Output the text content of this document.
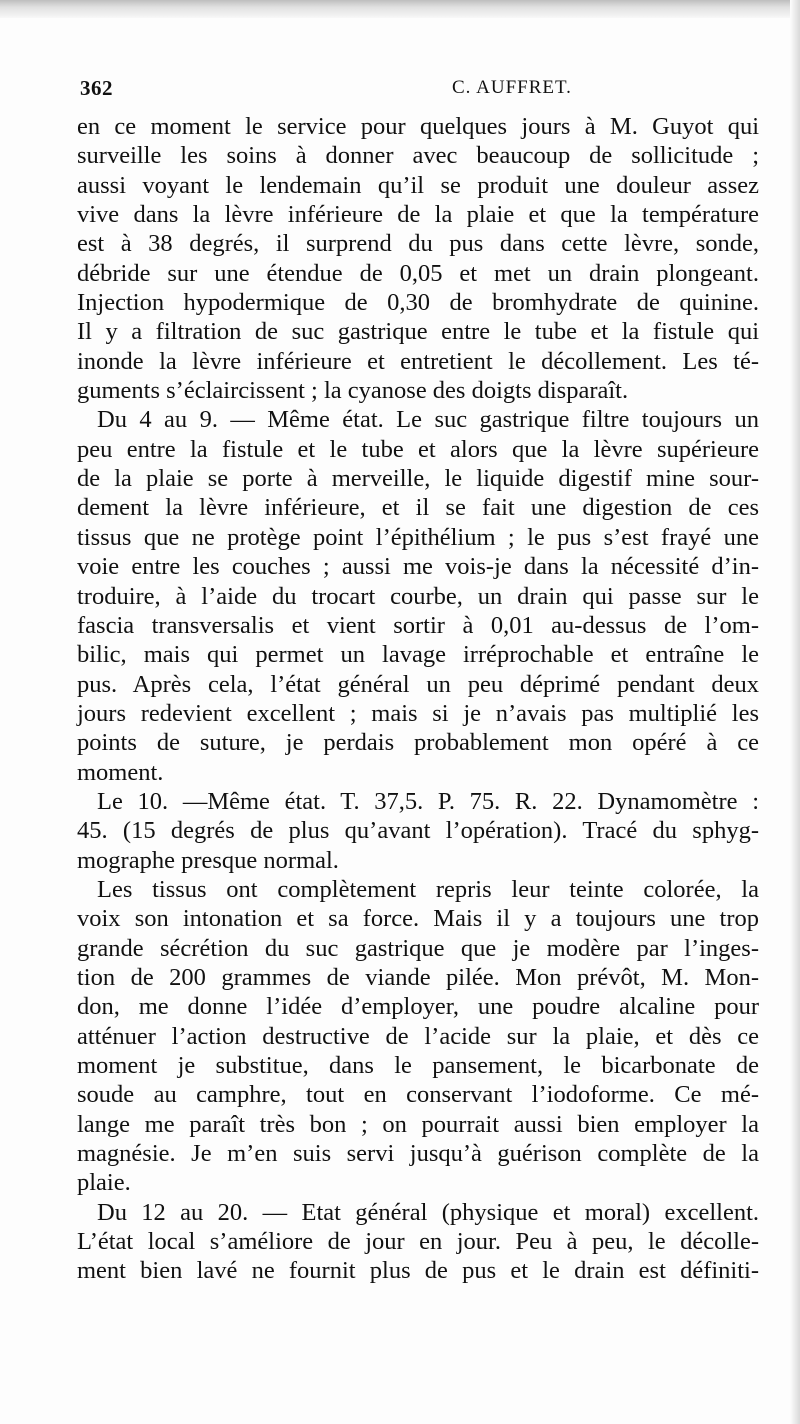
362	C. AUFFRET.
en ce moment le service pour quelques jours à M. Guyot qui
surveille les soins à donner avec beaucoup de sollicitude ;
aussi voyant le lendemain qu’il se produit une douleur assez
vive dans la lèvre inférieure de la plaie et que la température
est à 38 degrés, il surprend du pus dans cette lèvre, sonde,
débride sur une étendue de 0,05 et met un drain plongeant.
Injection hypodermique de 0,30 de bromhydrate de quinine.
Il y a filtration de suc gastrique entre le tube et la fistule qui
inonde la lèvre inférieure et entretient le décollement. Les té-
guments s’éclaircissent ; la cyanose des doigts disparaît.
Du 4 au 9. — Même état. Le suc gastrique filtre toujours un
peu entre la fistule et le tube et alors que la lèvre supérieure
de la plaie se porte à merveille, le liquide digestif mine sour-
dement la lèvre inférieure, et il se fait une digestion de ces
tissus que ne protège point l’épithélium ; le pus s’est frayé une
voie entre les couches ; aussi me vois-je dans la nécessité d’in-
troduire, à l’aide du trocart courbe, un drain qui passe sur le
fascia transversalis et vient sortir à 0,01 au-dessus de l’om-
bilic, mais qui permet un lavage irréprochable et entraîne le
pus. Après cela, l’état général un peu déprimé pendant deux
jours redevient excellent ; mais si je n’avais pas multiplié les
points de suture, je perdais probablement mon opéré à ce
moment.
Le 10. —Même état. T. 37,5. P. 75. R. 22. Dynamomètre :
45. (15 degrés de plus qu’avant l’opération). Tracé du sphyg-
mographe presque normal.
Les tissus ont complètement repris leur teinte colorée, la
voix son intonation et sa force. Mais il y a toujours une trop
grande sécrétion du suc gastrique que je modère par l’inges-
tion de 200 grammes de viande pilée. Mon prévôt, M. Mon-
don, me donne l’idée d’employer, une poudre alcaline pour
atténuer l’action destructive de l’acide sur la plaie, et dès ce
moment je substitue, dans le pansement, le bicarbonate de
soude au camphre, tout en conservant l’iodoforme. Ce mé-
lange me paraît très bon ; on pourrait aussi bien employer la
magnésie. Je m’en suis servi jusqu’à guérison complète de la
plaie.
Du 12 au 20. — Etat général (physique et moral) excellent.
L’état local s’améliore de jour en jour. Peu à peu, le décolle-
ment bien lavé ne fournit plus de pus et le drain est définiti-
